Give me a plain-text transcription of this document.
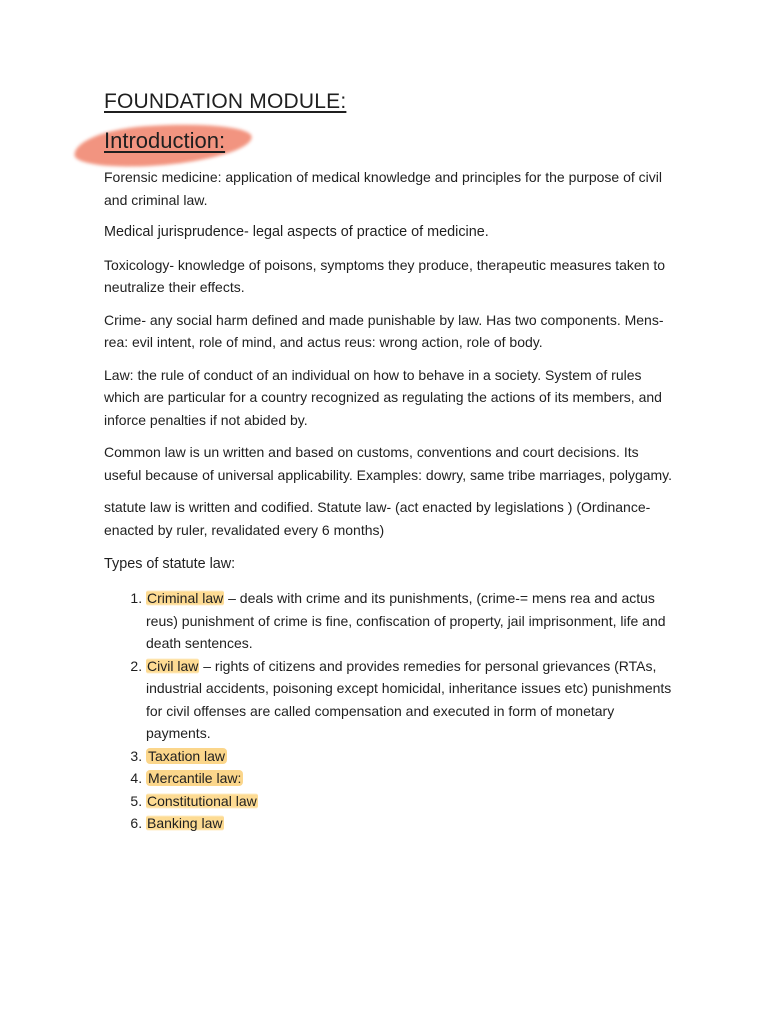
FOUNDATION MODULE:
Introduction:

Forensic medicine: application of medical knowledge and principles for the purpose of civil and criminal law.

Medical jurisprudence- legal aspects of practice of medicine.

Toxicology- knowledge of poisons, symptoms they produce, therapeutic measures taken to neutralize their effects.

Crime- any social harm defined and made punishable by law. Has two components. Mens-rea: evil intent, role of mind, and actus reus: wrong action, role of body.

Law: the rule of conduct of an individual on how to behave in a society. System of rules which are particular for a country recognized as regulating the actions of its members, and inforce penalties if not abided by.

Common law is un written and based on customs, conventions and court decisions. Its useful because of universal applicability. Examples: dowry, same tribe marriages, polygamy.

statute law is written and codified. Statute law- (act enacted by legislations ) (Ordinance- enacted by ruler, revalidated every 6 months)

Types of statute law:

1. Criminal law – deals with crime and its punishments, (crime-= mens rea and actus reus) punishment of crime is fine, confiscation of property, jail imprisonment, life and death sentences.
2. Civil law – rights of citizens and provides remedies for personal grievances (RTAs, industrial accidents, poisoning except homicidal, inheritance issues etc) punishments for civil offenses are called compensation and executed in form of monetary payments.
3. Taxation law
4. Mercantile law:
5. Constitutional law
6. Banking law
